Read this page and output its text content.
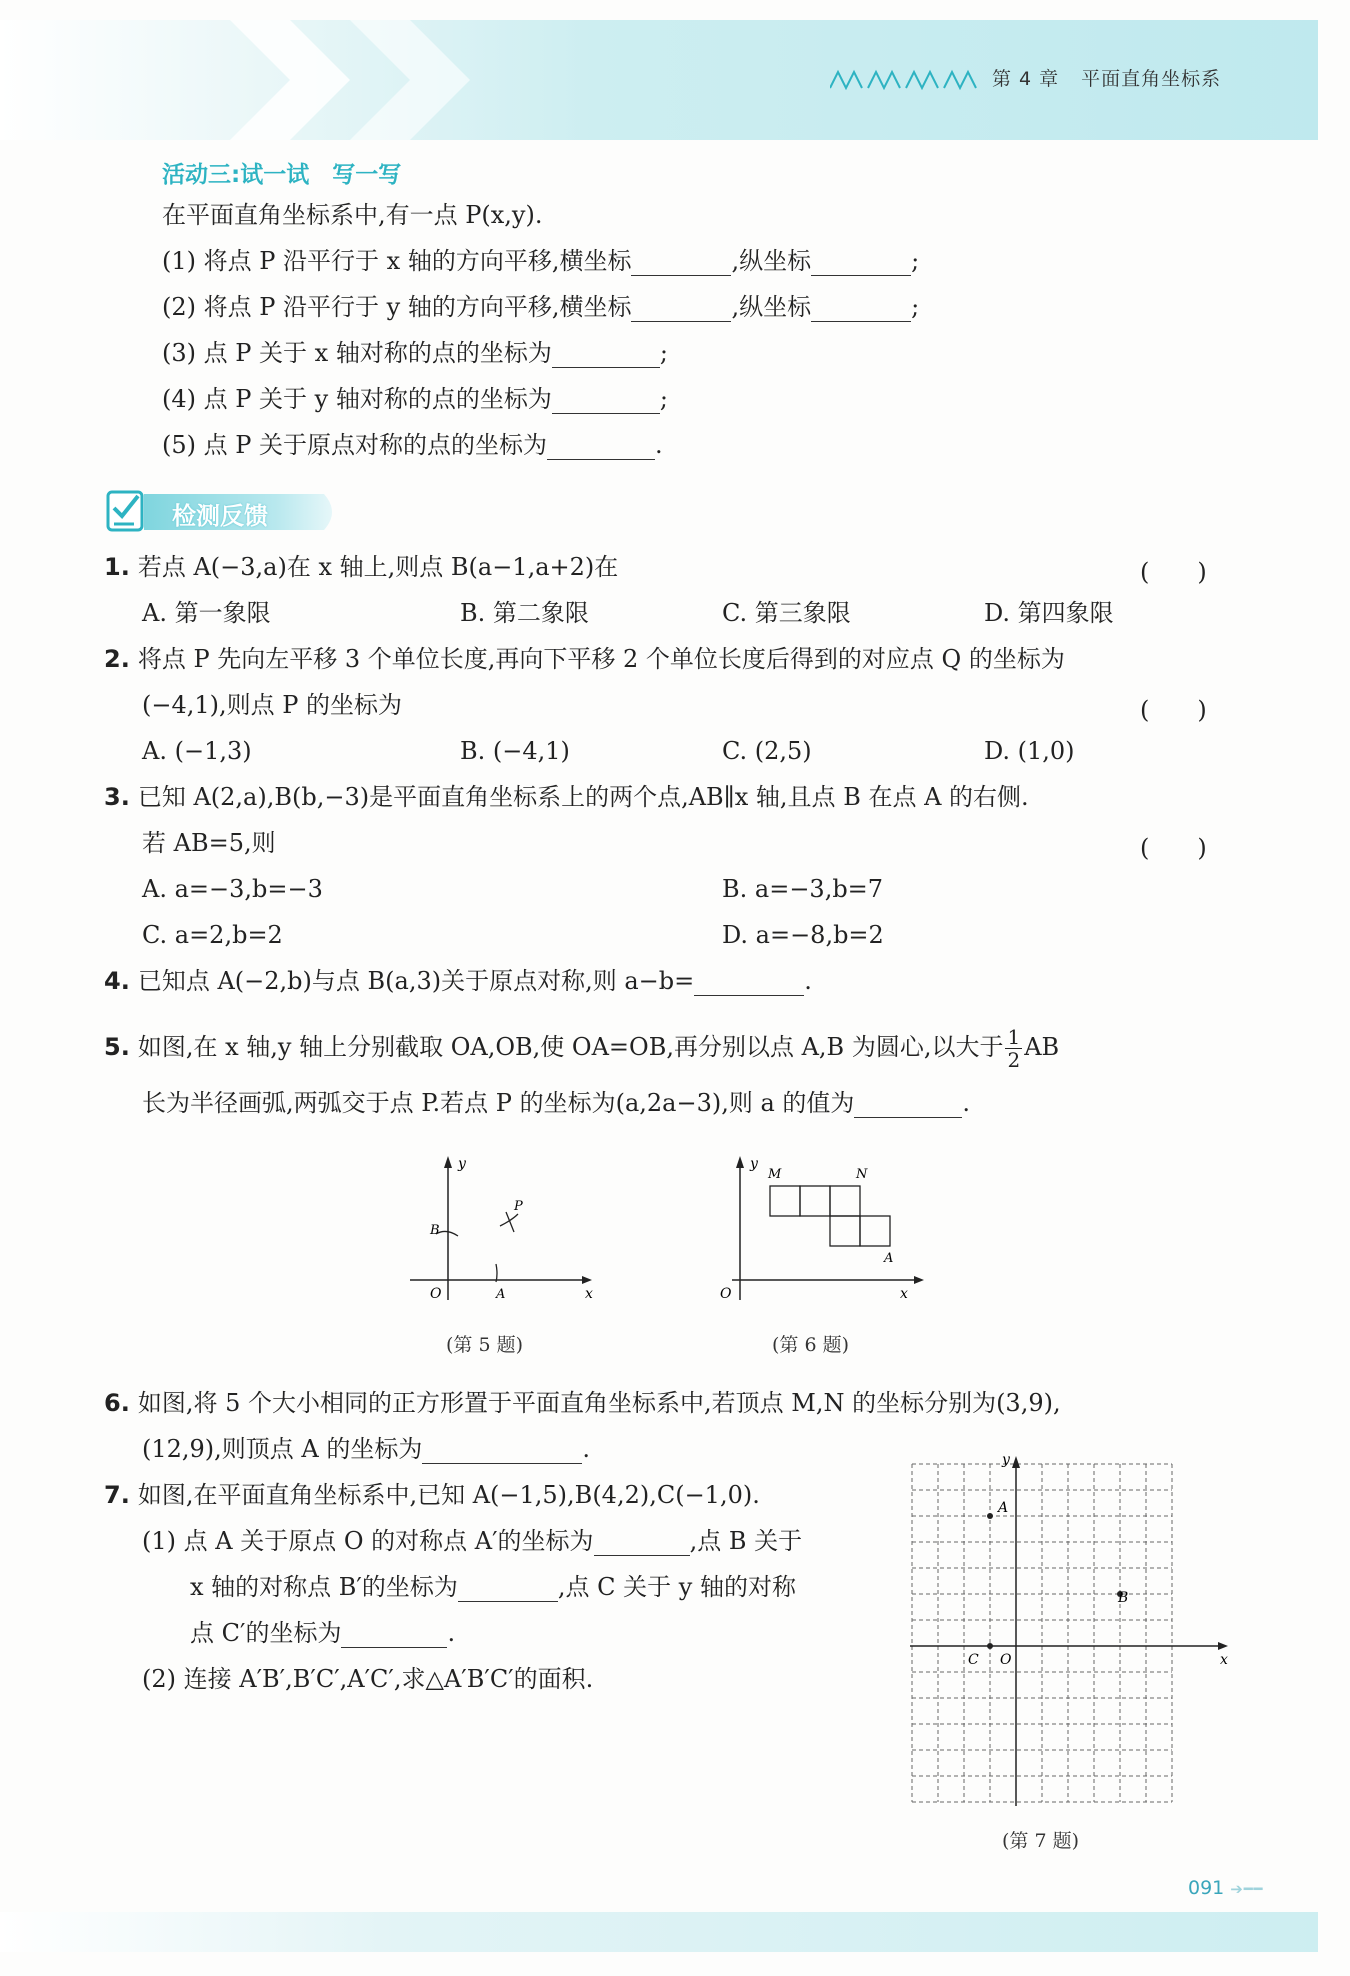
第 4 章 平面直角坐标系
活动三:试一试　写一写
在平面直角坐标系中,有一点 P(x,y).
(1) 将点 P 沿平行于 x 轴的方向平移,横坐标	,纵坐标	;
(2) 将点 P 沿平行于 y 轴的方向平移,横坐标	,纵坐标	;
(3) 点 P 关于 x 轴对称的点的坐标为	;
(4) 点 P 关于 y 轴对称的点的坐标为	;
(5) 点 P 关于原点对称的点的坐标为	.
检测反馈
1. 若点 A(−3,a)在 x 轴上,则点 B(a−1,a+2)在	(　　)
A. 第一象限	B. 第二象限	C. 第三象限	D. 第四象限
2. 将点 P 先向左平移 3 个单位长度,再向下平移 2 个单位长度后得到的对应点 Q 的坐标为
(−4,1),则点 P 的坐标为	(　　)
A. (−1,3)	B. (−4,1)	C. (2,5)	D. (1,0)
3. 已知 A(2,a),B(b,−3)是平面直角坐标系上的两个点,AB∥x 轴,且点 B 在点 A 的右侧.
若 AB=5,则	(　　)
A. a=−3,b=−3	B. a=−3,b=7
C. a=2,b=2	D. a=−8,b=2
4. 已知点 A(−2,b)与点 B(a,3)关于原点对称,则 a−b=	.
5. 如图,在 x 轴,y 轴上分别截取 OA,OB,使 OA=OB,再分别以点 A,B 为圆心,以大于 $\frac{1}{2}$ AB
长为半径画弧,两弧交于点 P.若点 P 的坐标为(a,2a−3),则 a 的值为	.
y
x
O	A
B
P
(第 5 题)
y
M	N
A
O	x
(第 6 题)
6. 如图,将 5 个大小相同的正方形置于平面直角坐标系中,若顶点 M,N 的坐标分别为(3,9),
(12,9),则顶点 A 的坐标为	.
7. 如图,在平面直角坐标系中,已知 A(−1,5),B(4,2),C(−1,0).
(1) 点 A 关于原点 O 的对称点 A′的坐标为	,点 B 关于
x 轴的对称点 B′的坐标为	,点 C 关于 y 轴的对称
点 C′的坐标为	.
(2) 连接 A′B′,B′C′,A′C′,求△A′B′C′的面积.
y
x
A
B
C O
(第 7 题)
091 ➔ ━ ━
